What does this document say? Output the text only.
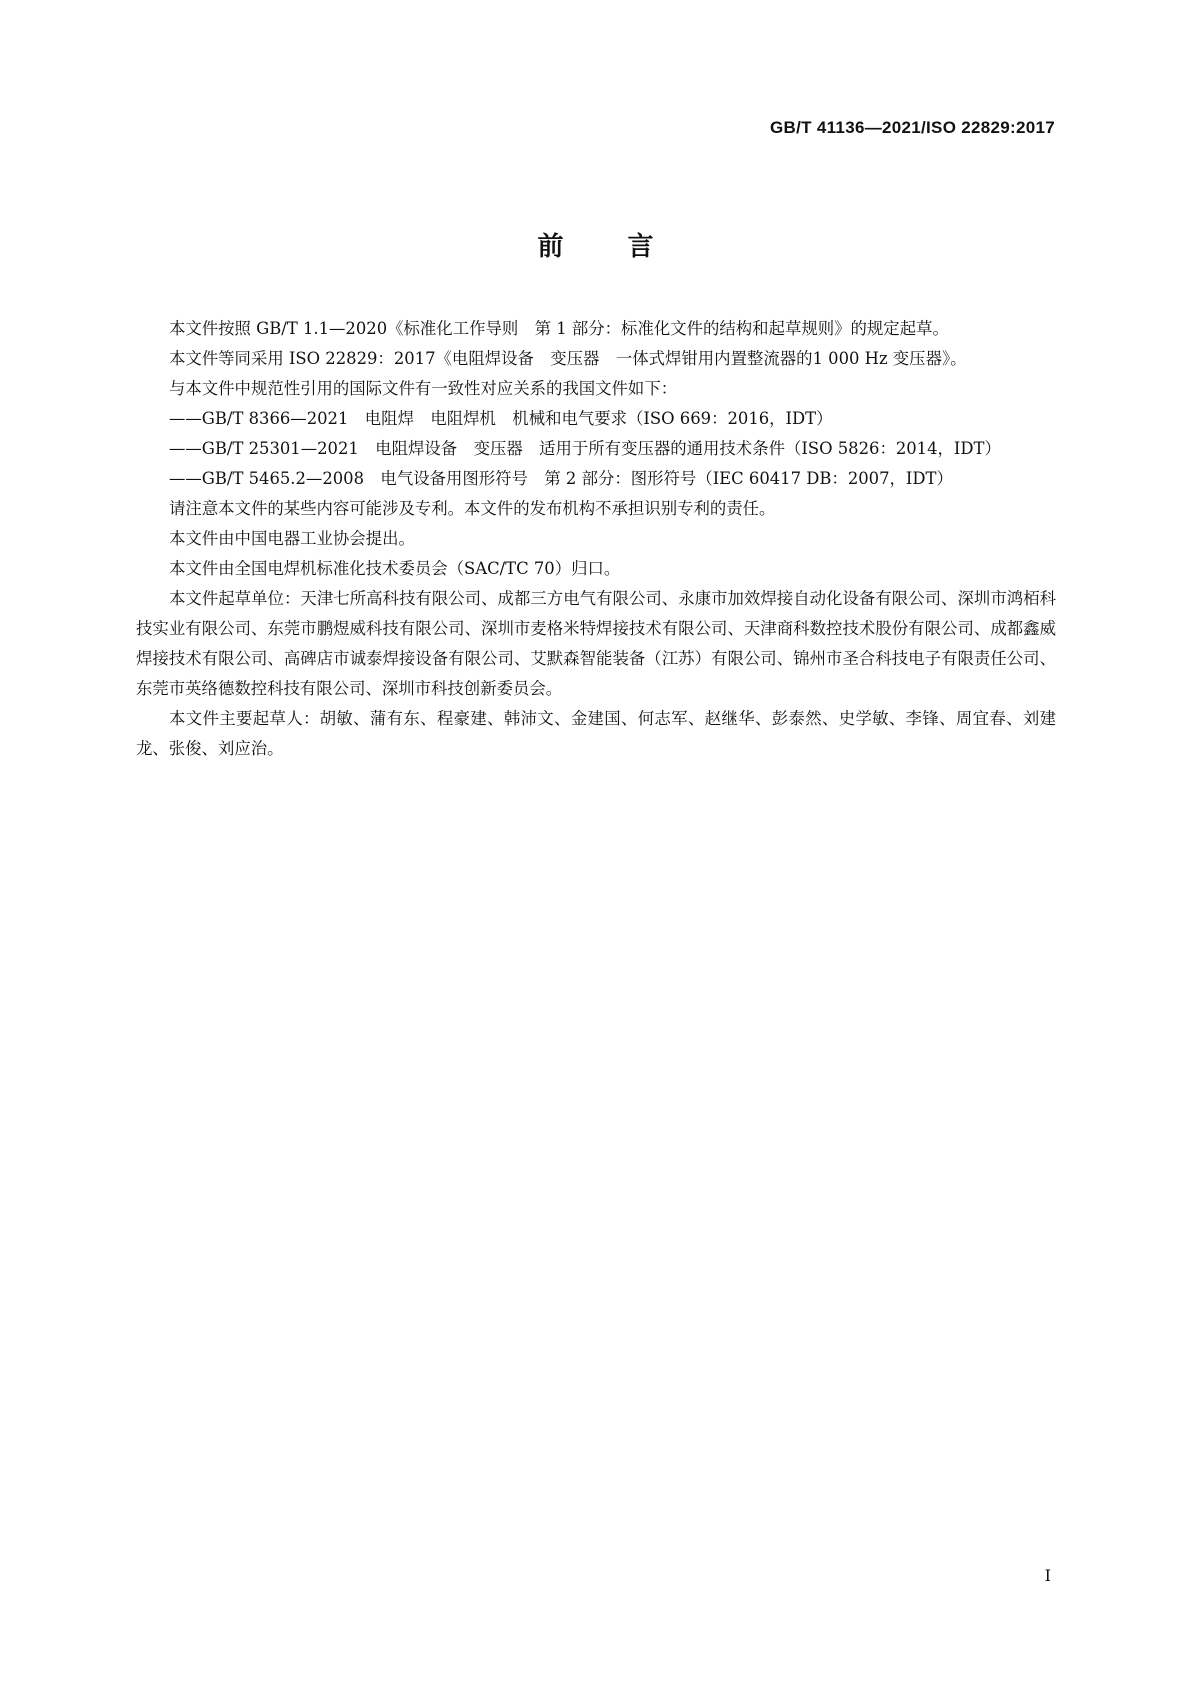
GB/T 41136—2021/ISO 22829:2017
前 言

本文件按照 GB/T 1.1—2020《标准化工作导则　第 1 部分：标准化文件的结构和起草规则》的规定起草。

本文件等同采用 ISO 22829：2017《电阻焊设备　变压器　一体式焊钳用内置整流器的1 000 Hz 变压器》。

与本文件中规范性引用的国际文件有一致性对应关系的我国文件如下：

——GB/T 8366—2021　电阻焊　电阻焊机　机械和电气要求（ISO 669：2016，IDT）

——GB/T 25301—2021　电阻焊设备　变压器　适用于所有变压器的通用技术条件（ISO 5826：2014，IDT）

——GB/T 5465.2—2008　电气设备用图形符号　第 2 部分：图形符号（IEC 60417 DB：2007，IDT）

请注意本文件的某些内容可能涉及专利。本文件的发布机构不承担识别专利的责任。

本文件由中国电器工业协会提出。

本文件由全国电焊机标准化技术委员会（SAC/TC 70）归口。

本文件起草单位：天津七所高科技有限公司、成都三方电气有限公司、永康市加效焊接自动化设备有限公司、深圳市鸿栢科技实业有限公司、东莞市鹏煜威科技有限公司、深圳市麦格米特焊接技术有限公司、天津商科数控技术股份有限公司、成都鑫威焊接技术有限公司、高碑店市诚泰焊接设备有限公司、艾默森智能装备（江苏）有限公司、锦州市圣合科技电子有限责任公司、东莞市英络德数控科技有限公司、深圳市科技创新委员会。

本文件主要起草人：胡敏、蒲有东、程豪建、韩沛文、金建国、何志军、赵继华、彭泰然、史学敏、李锋、周宜春、刘建龙、张俊、刘应治。

I
